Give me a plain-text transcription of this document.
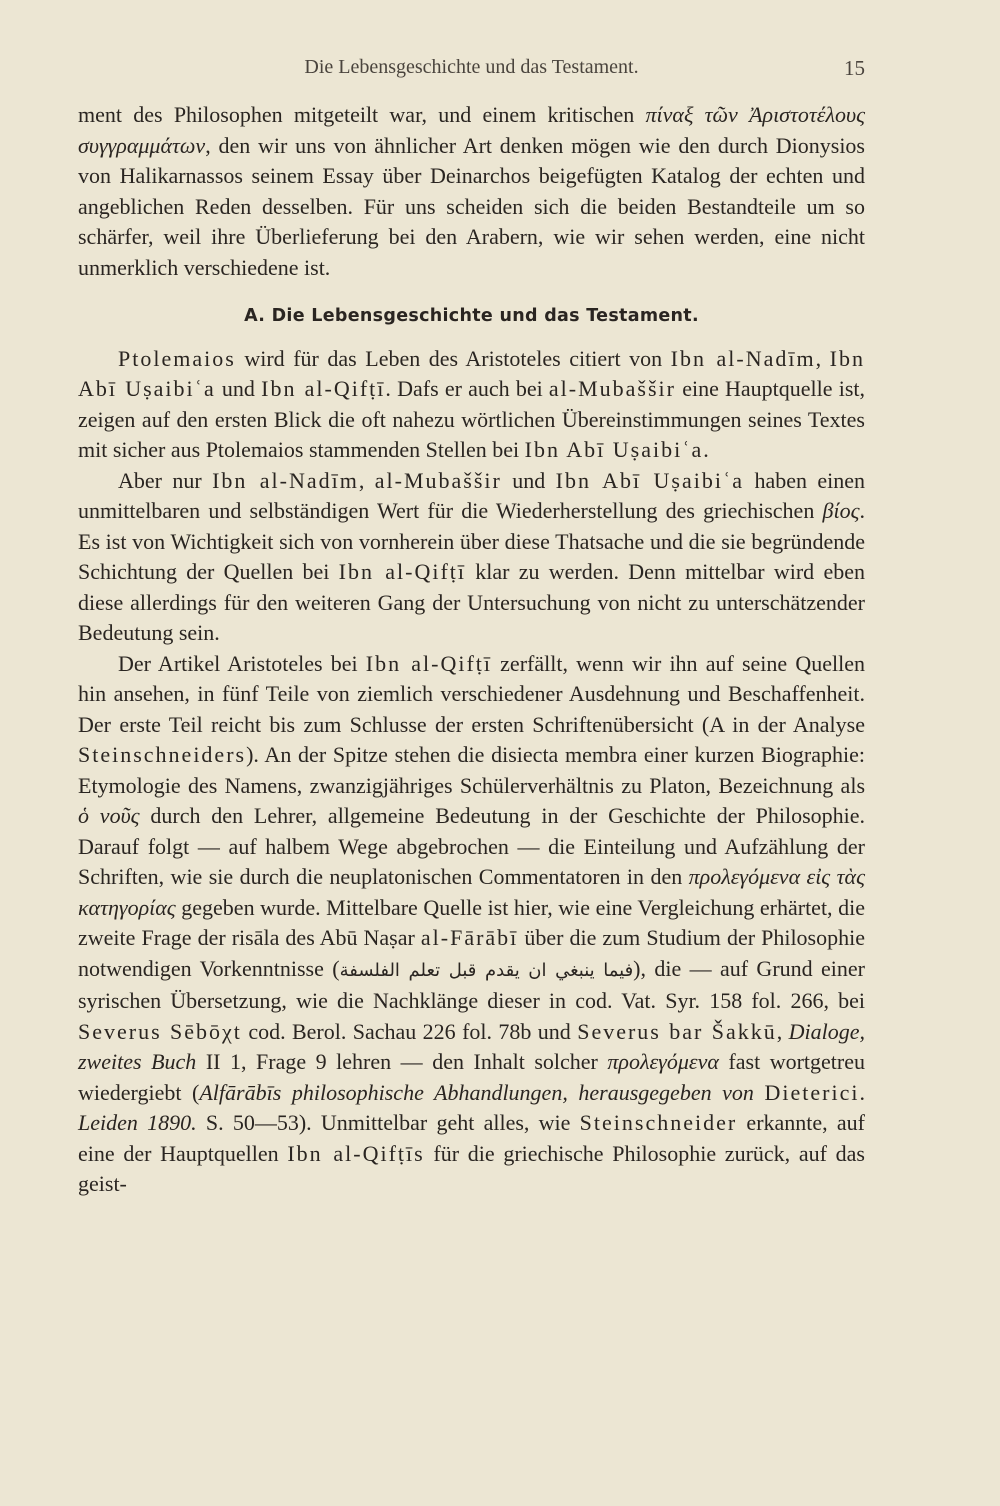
Die Lebensgeschichte und das Testament.	15

ment des Philosophen mitgeteilt war, und einem kritischen πίναξ τῶν Ἀριστοτέλους συγγραμμάτων, den wir uns von ähnlicher Art denken mögen wie den durch Dionysios von Halikarnassos seinem Essay über Deinarchos beigefügten Katalog der echten und angeblichen Reden desselben. Für uns scheiden sich die beiden Bestandteile um so schärfer, weil ihre Überlieferung bei den Arabern, wie wir sehen werden, eine nicht unmerklich verschiedene ist.

A. Die Lebensgeschichte und das Testament.

Ptolemaios wird für das Leben des Aristoteles citiert von Ibn al-Nadīm, Ibn Abī Uṣaibiʿa und Ibn al-Qifṭī. Dafs er auch bei al-Mubaššir eine Hauptquelle ist, zeigen auf den ersten Blick die oft nahezu wörtlichen Übereinstimmungen seines Textes mit sicher aus Ptolemaios stammenden Stellen bei Ibn Abī Uṣaibiʿa.

Aber nur Ibn al-Nadīm, al-Mubaššir und Ibn Abī Uṣaibiʿa haben einen unmittelbaren und selbständigen Wert für die Wiederherstellung des griechischen βίος. Es ist von Wichtigkeit sich von vornherein über diese Thatsache und die sie begründende Schichtung der Quellen bei Ibn al-Qifṭī klar zu werden. Denn mittelbar wird eben diese allerdings für den weiteren Gang der Untersuchung von nicht zu unterschätzender Bedeutung sein.

Der Artikel Aristoteles bei Ibn al-Qifṭī zerfällt, wenn wir ihn auf seine Quellen hin ansehen, in fünf Teile von ziemlich verschiedener Ausdehnung und Beschaffenheit. Der erste Teil reicht bis zum Schlusse der ersten Schriftenübersicht (A in der Analyse Steinschneiders). An der Spitze stehen die disiecta membra einer kurzen Biographie: Etymologie des Namens, zwanzigjähriges Schülerverhältnis zu Platon, Bezeichnung als ὁ νοῦς durch den Lehrer, allgemeine Bedeutung in der Geschichte der Philosophie. Darauf folgt — auf halbem Wege abgebrochen — die Einteilung und Aufzählung der Schriften, wie sie durch die neuplatonischen Commentatoren in den προλεγόμενα εἰς τὰς κατηγορίας gegeben wurde. Mittelbare Quelle ist hier, wie eine Vergleichung erhärtet, die zweite Frage der risāla des Abū Naṣar al-Fārābī über die zum Studium der Philosophie notwendigen Vorkenntnisse (فيما ينبغي ان يقدم قبل تعلم الفلسفة), die — auf Grund einer syrischen Übersetzung, wie die Nachklänge dieser in cod. Vat. Syr. 158 fol. 266, bei Severus Sēbōχt cod. Berol. Sachau 226 fol. 78b und Severus bar Šakkū, Dialoge, zweites Buch II 1, Frage 9 lehren — den Inhalt solcher προλεγόμενα fast wortgetreu wiedergiebt (Alfārābīs philosophische Abhandlungen, herausgegeben von Dieterici. Leiden 1890. S. 50—53). Unmittelbar geht alles, wie Steinschneider erkannte, auf eine der Hauptquellen Ibn al-Qifṭīs für die griechische Philosophie zurück, auf das geist-
